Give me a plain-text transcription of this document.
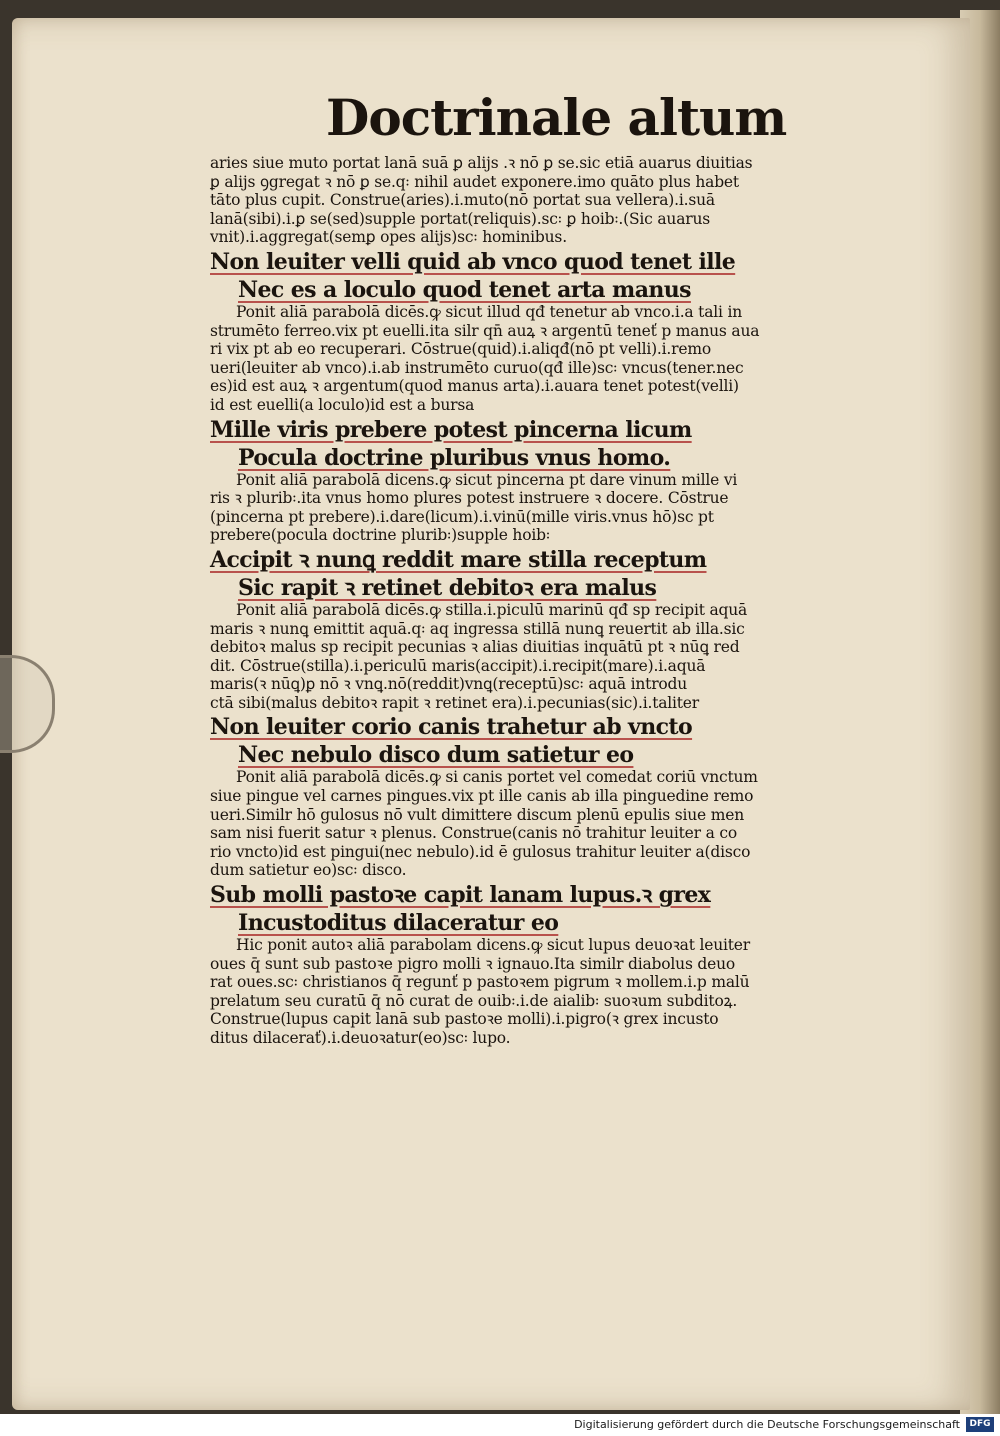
Doctrinale altum
aries siue muto portat lanā suā ꝑ alijs .ꝛ nō ꝑ se.sic etiā auarus diuitias
ꝑ alijs ꝯgregat ꝛ nō ꝑ se.q꞉ nihil audet exponere.imo quāto plus habet
tāto plus cupit. Construe(aries).i.muto(nō portat sua vellera).i.suā
lanā(sibi).i.ꝑ se(sed)supple portat(reliquis).sc꞉ ꝑ hoib꞉.(Sic auarus
vnit).i.aggregat(semꝑ opes alijs)sc꞉ hominibus.
Non leuiter velli quid ab vnco quod tenet ille
Nec es a loculo quod tenet arta manus
Ponit aliā parabolā dicēs.ꝙ sicut illud qđ tenetur ab vnco.i.a tali in
strumēto ferreo.vix pt euelli.ita silr qn̄ auꝝ ꝛ argentū teneť p manus aua
ri vix pt ab eo recuperari. Cōstrue(quid).i.aliqđ(nō pt velli).i.remo
ueri(leuiter ab vnco).i.ab instrumēto curuo(qđ ille)sc꞉ vncus(tener.nec
es)id est auꝝ ꝛ argentum(quod manus arta).i.auara tenet potest(velli)
id est euelli(a loculo)id est a bursa
Mille viris prebere potest pincerna licum
Pocula doctrine pluribus vnus homo.
Ponit aliā parabolā dicens.ꝙ sicut pincerna pt dare vinum mille vi
ris ꝛ plurib꞉.ita vnus homo plures potest instruere ꝛ docere. Cōstrue
(pincerna pt prebere).i.dare(licum).i.vinū(mille viris.vnus hō)sc pt
prebere(pocula doctrine plurib꞉)supple hoib꞉
Accipit ꝛ nunꝗ reddit mare stilla receptum
Sic rapit ꝛ retinet debitoꝛ era malus
Ponit aliā parabolā dicēs.ꝙ stilla.i.piculū marinū qđ sp recipit aquā
maris ꝛ nunꝗ emittit aquā.q꞉ aq ingressa stillā nunꝗ reuertit ab illa.sic
debitoꝛ malus sp recipit pecunias ꝛ alias diuitias inquātū pt ꝛ nūꝗ red
dit. Cōstrue(stilla).i.periculū maris(accipit).i.recipit(mare).i.aquā
maris(ꝛ nūꝗ)ꝑ nō ꝛ vnꝗ.nō(reddit)vnꝗ(receptū)sc꞉ aquā introdu
ctā sibi(malus debitoꝛ rapit ꝛ retinet era).i.pecunias(sic).i.taliter
Non leuiter corio canis trahetur ab vncto
Nec nebulo disco dum satietur eo
Ponit aliā parabolā dicēs.ꝙ si canis portet vel comedat coriū vnctum
siue pingue vel carnes pingues.vix pt ille canis ab illa pinguedine remo
ueri.Similr hō gulosus nō vult dimittere discum plenū epulis siue men
sam nisi fuerit satur ꝛ plenus. Construe(canis nō trahitur leuiter a co
rio vncto)id est pingui(nec nebulo).id ē gulosus trahitur leuiter a(disco
dum satietur eo)sc꞉ disco.
Sub molli pastoꝛe capit lanam lupus.ꝛ grex
Incustoditus dilaceratur eo
Hic ponit autoꝛ aliā parabolam dicens.ꝙ sicut lupus deuoꝛat leuiter
oues q̄ sunt sub pastoꝛe pigro molli ꝛ ignauo.Ita similr diabolus deuo
rat oues.sc꞉ christianos q̄ regunť p pastoꝛem pigrum ꝛ mollem.i.p malū
prelatum seu curatū q̄ nō curat de ouib꞉.i.de aialib꞉ suoꝛum subditoꝝ.
Construe(lupus capit lanā sub pastoꝛe molli).i.pigro(ꝛ grex incusto
ditus dilacerať).i.deuoꝛatur(eo)sc꞉ lupo.
Digitalisierung gefördert durch die Deutsche Forschungsgemeinschaft	DFG
